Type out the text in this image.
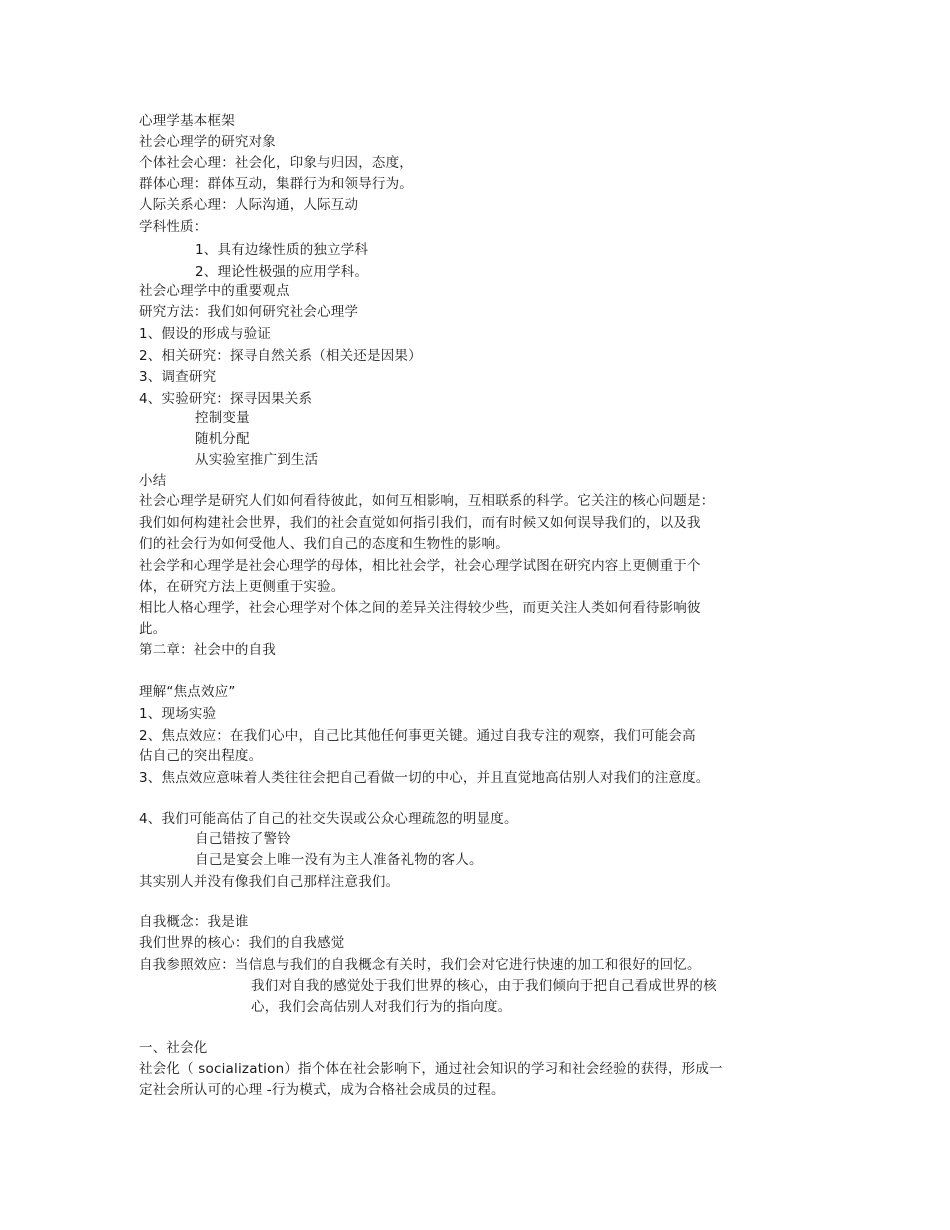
心理学基本框架
社会心理学的研究对象
个体社会心理：社会化，印象与归因，态度，
群体心理：群体互动，集群行为和领导行为。
人际关系心理：人际沟通，人际互动
学科性质：
1、具有边缘性质的独立学科
2、理论性极强的应用学科。
社会心理学中的重要观点
研究方法：我们如何研究社会心理学
1、假设的形成与验证
2、相关研究：探寻自然关系（相关还是因果）
3、调查研究
4、实验研究：探寻因果关系
控制变量
随机分配
从实验室推广到生活
小结
社会心理学是研究人们如何看待彼此，如何互相影响，互相联系的科学。它关注的核心问题是：
我们如何构建社会世界，我们的社会直觉如何指引我们，而有时候又如何误导我们的，以及我
们的社会行为如何受他人、我们自己的态度和生物性的影响。
社会学和心理学是社会心理学的母体，相比社会学，社会心理学试图在研究内容上更侧重于个
体，在研究方法上更侧重于实验。
相比人格心理学，社会心理学对个体之间的差异关注得较少些，而更关注人类如何看待影响彼
此。
第二章：社会中的自我
理解“焦点效应”
1、现场实验
2、焦点效应：在我们心中，自己比其他任何事更关键。通过自我专注的观察，我们可能会高
估自己的突出程度。
3、焦点效应意味着人类往往会把自己看做一切的中心，并且直觉地高估别人对我们的注意度。
4、我们可能高估了自己的社交失误或公众心理疏忽的明显度。
自己错按了警铃
自己是宴会上唯一没有为主人准备礼物的客人。
其实别人并没有像我们自己那样注意我们。
自我概念：我是谁
我们世界的核心：我们的自我感觉
自我参照效应：当信息与我们的自我概念有关时，我们会对它进行快速的加工和很好的回忆。
我们对自我的感觉处于我们世界的核心，由于我们倾向于把自己看成世界的核
心，我们会高估别人对我们行为的指向度。
一、社会化
社会化（ socialization）指个体在社会影响下，通过社会知识的学习和社会经验的获得，形成一
定社会所认可的心理 -行为模式，成为合格社会成员的过程。
